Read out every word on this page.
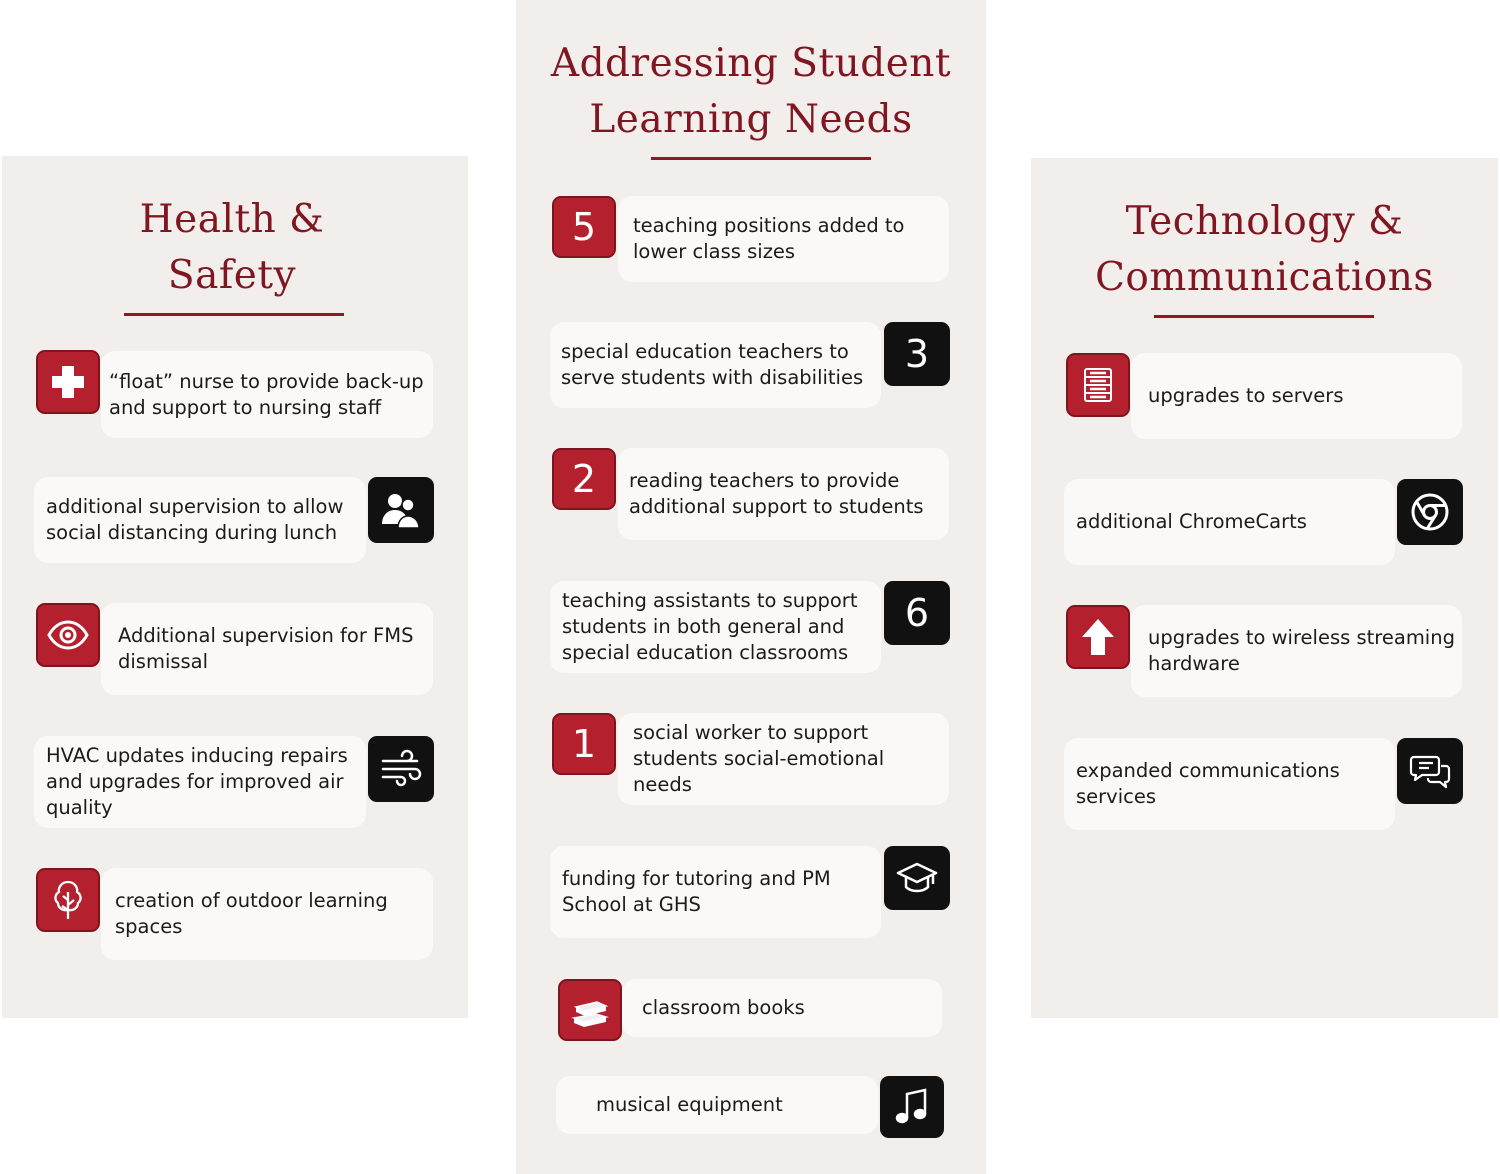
Health &
Safety
“float” nurse to provide back-up and support to nursing staff
additional supervision to allow social distancing during lunch
Additional supervision for FMS dismissal
HVAC updates inducing repairs and upgrades for improved air quality
creation of outdoor learning spaces
Addressing Student
Learning Needs
teaching positions added to lower class sizes
5
special education teachers to serve students with disabilities
3
reading teachers to provide additional support to students
2
teaching assistants to support students in both general and special education classrooms
6
social worker to support students social-emotional needs
1
funding for tutoring and PM School at GHS
classroom books
musical equipment
Technology &
Communications
upgrades to servers
additional ChromeCarts
upgrades to wireless streaming hardware
expanded communications services
